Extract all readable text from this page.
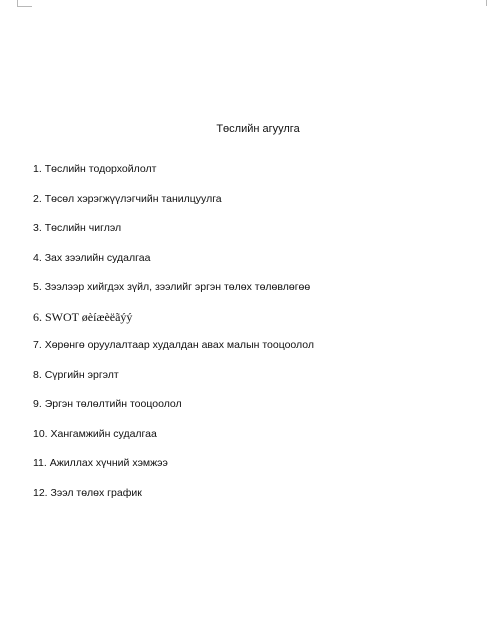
Төслийн агуулга
1. Төслийн тодорхойлолт
2. Төсөл хэрэгжүүлэгчийн танилцуулга
3. Төслийн чиглэл
4. Зах зээлийн судалгаа
5. Зээлээр хийгдэх зүйл, зээлийг эргэн төлөх төлөвлөгөө
6. SWOT øèíæèëãýý
7. Хөрөнгө оруулалтаар худалдан авах малын тооцоолол
8. Сүргийн эргэлт
9. Эргэн төлөлтийн тооцоолол
10. Хангамжийн судалгаа
11. Ажиллах хүчний хэмжээ
12. Зээл төлөх график
